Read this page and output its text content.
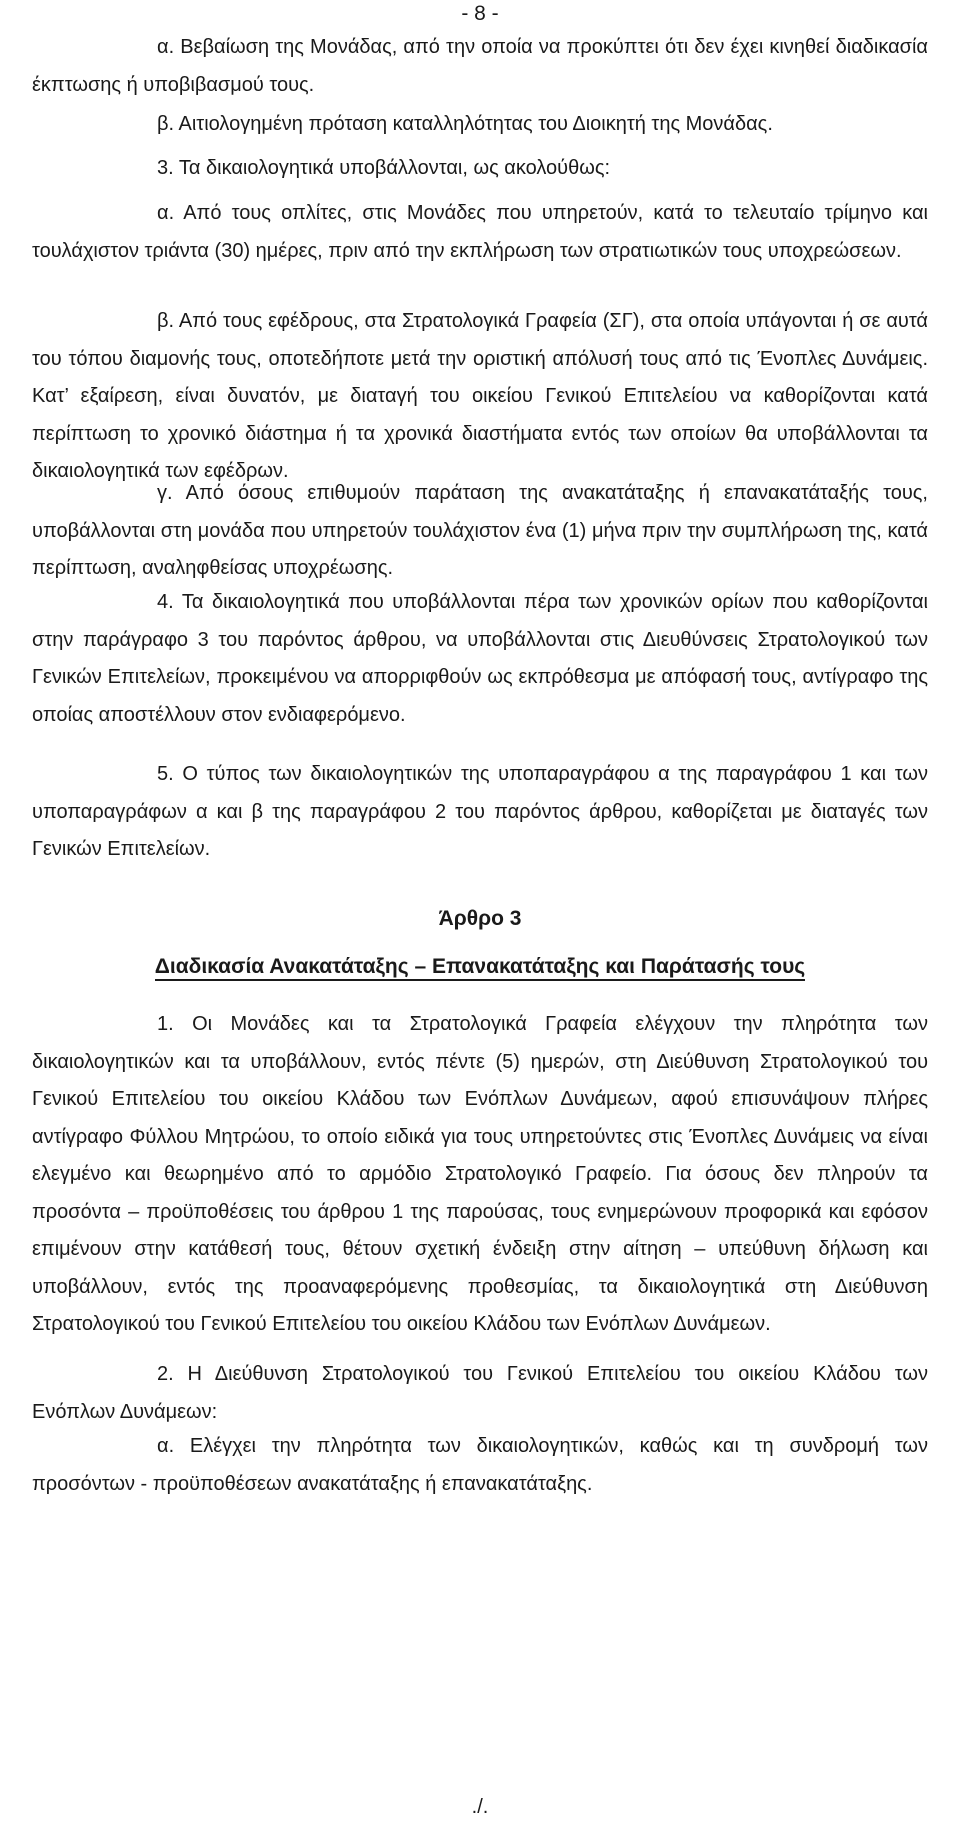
- 8 -

α. Βεβαίωση της Μονάδας, από την οποία να προκύπτει ότι δεν έχει κινηθεί διαδικασία έκπτωσης ή υποβιβασμού τους.

β. Αιτιολογημένη πρόταση καταλληλότητας του Διοικητή της Μονάδας.

3. Τα δικαιολογητικά υποβάλλονται, ως ακολούθως:

α. Από τους οπλίτες, στις Μονάδες που υπηρετούν, κατά το τελευταίο τρίμηνο και τουλάχιστον τριάντα (30) ημέρες, πριν από την εκπλήρωση των στρατιωτικών τους υποχρεώσεων.

β. Από τους εφέδρους, στα Στρατολογικά Γραφεία (ΣΓ), στα οποία υπάγονται ή σε αυτά του τόπου διαμονής τους, οποτεδήποτε μετά την οριστική απόλυσή τους από τις Ένοπλες Δυνάμεις. Κατ’ εξαίρεση, είναι δυνατόν, με διαταγή του οικείου Γενικού Επιτελείου να καθορίζονται κατά περίπτωση το χρονικό διάστημα ή τα χρονικά διαστήματα εντός των οποίων θα υποβάλλονται τα δικαιολογητικά των εφέδρων.

γ. Από όσους επιθυμούν παράταση της ανακατάταξης ή επανακατάταξής τους, υποβάλλονται στη μονάδα που υπηρετούν τουλάχιστον ένα (1) μήνα πριν την συμπλήρωση της, κατά περίπτωση, αναληφθείσας υποχρέωσης.

4. Τα δικαιολογητικά που υποβάλλονται πέρα των χρονικών ορίων που καθορίζονται στην παράγραφο 3 του παρόντος άρθρου, να υποβάλλονται στις Διευθύνσεις Στρατολογικού των Γενικών Επιτελείων, προκειμένου να απορριφθούν ως εκπρόθεσμα με απόφασή τους, αντίγραφο της οποίας αποστέλλουν στον ενδιαφερόμενο.

5. Ο τύπος των δικαιολογητικών της υποπαραγράφου α της παραγράφου 1 και των υποπαραγράφων α και β της παραγράφου 2 του παρόντος άρθρου, καθορίζεται με διαταγές των Γενικών Επιτελείων.

Άρθρο 3
Διαδικασία Ανακατάταξης – Επανακατάταξης και Παράτασής τους

1. Οι Μονάδες και τα Στρατολογικά Γραφεία ελέγχουν την πληρότητα των δικαιολογητικών και τα υποβάλλουν, εντός πέντε (5) ημερών, στη Διεύθυνση Στρατολογικού του Γενικού Επιτελείου του οικείου Κλάδου των Ενόπλων Δυνάμεων, αφού επισυνάψουν πλήρες αντίγραφο Φύλλου Μητρώου, το οποίο ειδικά για τους υπηρετούντες στις Ένοπλες Δυνάμεις να είναι ελεγμένο και θεωρημένο από το αρμόδιο Στρατολογικό Γραφείο. Για όσους δεν πληρούν τα προσόντα – προϋποθέσεις του άρθρου 1 της παρούσας, τους ενημερώνουν προφορικά και εφόσον επιμένουν στην κατάθεσή τους, θέτουν σχετική ένδειξη στην αίτηση – υπεύθυνη δήλωση και υποβάλλουν, εντός της προαναφερόμενης προθεσμίας, τα δικαιολογητικά στη Διεύθυνση Στρατολογικού του Γενικού Επιτελείου του οικείου Κλάδου των Ενόπλων Δυνάμεων.

2. Η Διεύθυνση Στρατολογικού του Γενικού Επιτελείου του οικείου Κλάδου των Ενόπλων Δυνάμεων:

α. Ελέγχει την πληρότητα των δικαιολογητικών, καθώς και τη συνδρομή των προσόντων - προϋποθέσεων ανακατάταξης ή επανακατάταξης.

./.
